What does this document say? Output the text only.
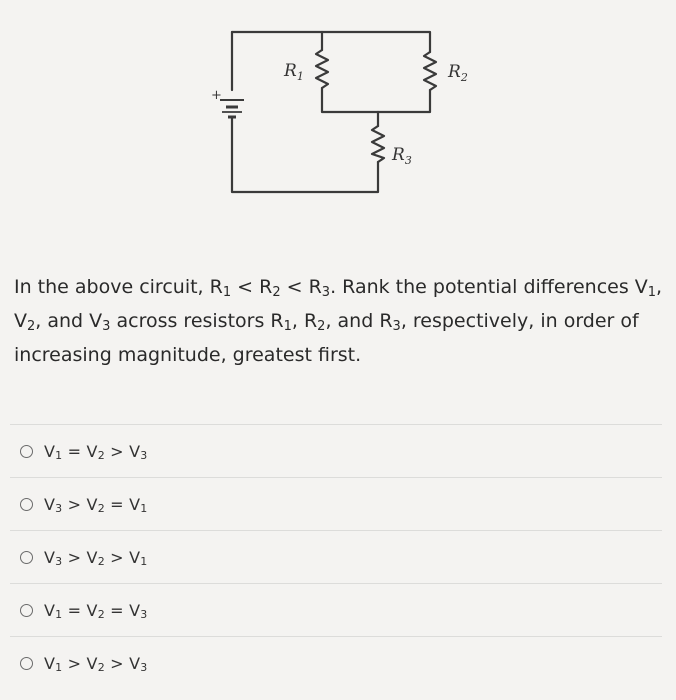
+
$R_1$	$R_2$
$R_3$
In the above circuit, $R_1 < R_2 < R_3$. Rank the potential differences $V_1$, $V_2$, and $V_3$ across resistors $R_1$, $R_2$, and $R_3$, respectively, in order of increasing magnitude, greatest first.
$V_1 = V_2 > V_3$
$V_3 > V_2 = V_1$
$V_3 > V_2 > V_1$
$V_1 = V_2 = V_3$
$V_1 > V_2 > V_3$
